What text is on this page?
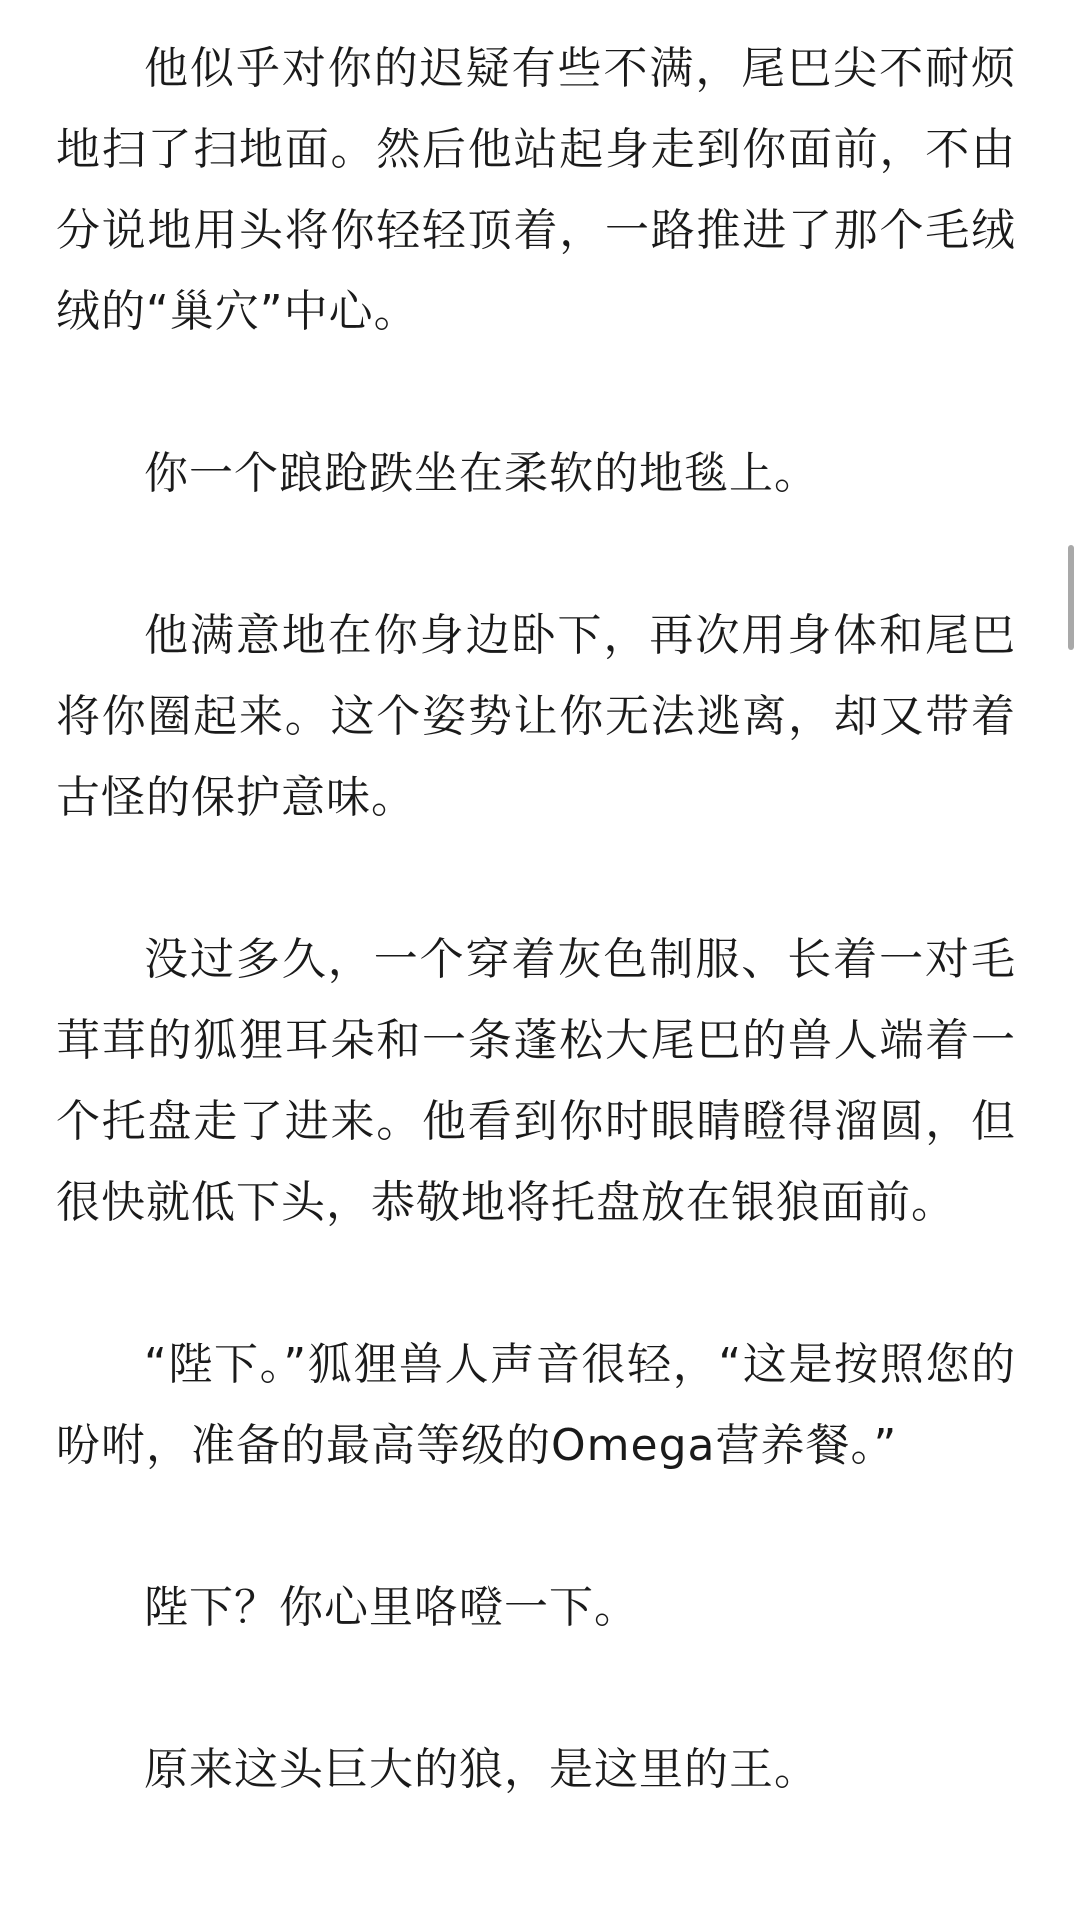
他似乎对你的迟疑有些不满，尾巴尖不耐烦地扫了扫地面。然后他站起身走到你面前，不由分说地用头将你轻轻顶着，一路推进了那个毛绒绒的“巢穴”中心。

你一个踉跄跌坐在柔软的地毯上。

他满意地在你身边卧下，再次用身体和尾巴将你圈起来。这个姿势让你无法逃离，却又带着古怪的保护意味。

没过多久，一个穿着灰色制服、长着一对毛茸茸的狐狸耳朵和一条蓬松大尾巴的兽人端着一个托盘走了进来。他看到你时眼睛瞪得溜圆，但很快就低下头，恭敬地将托盘放在银狼面前。

“陛下。”狐狸兽人声音很轻，“这是按照您的吩咐，准备的最高等级的Omega营养餐。”

陛下？你心里咯噔一下。

原来这头巨大的狼，是这里的王。
